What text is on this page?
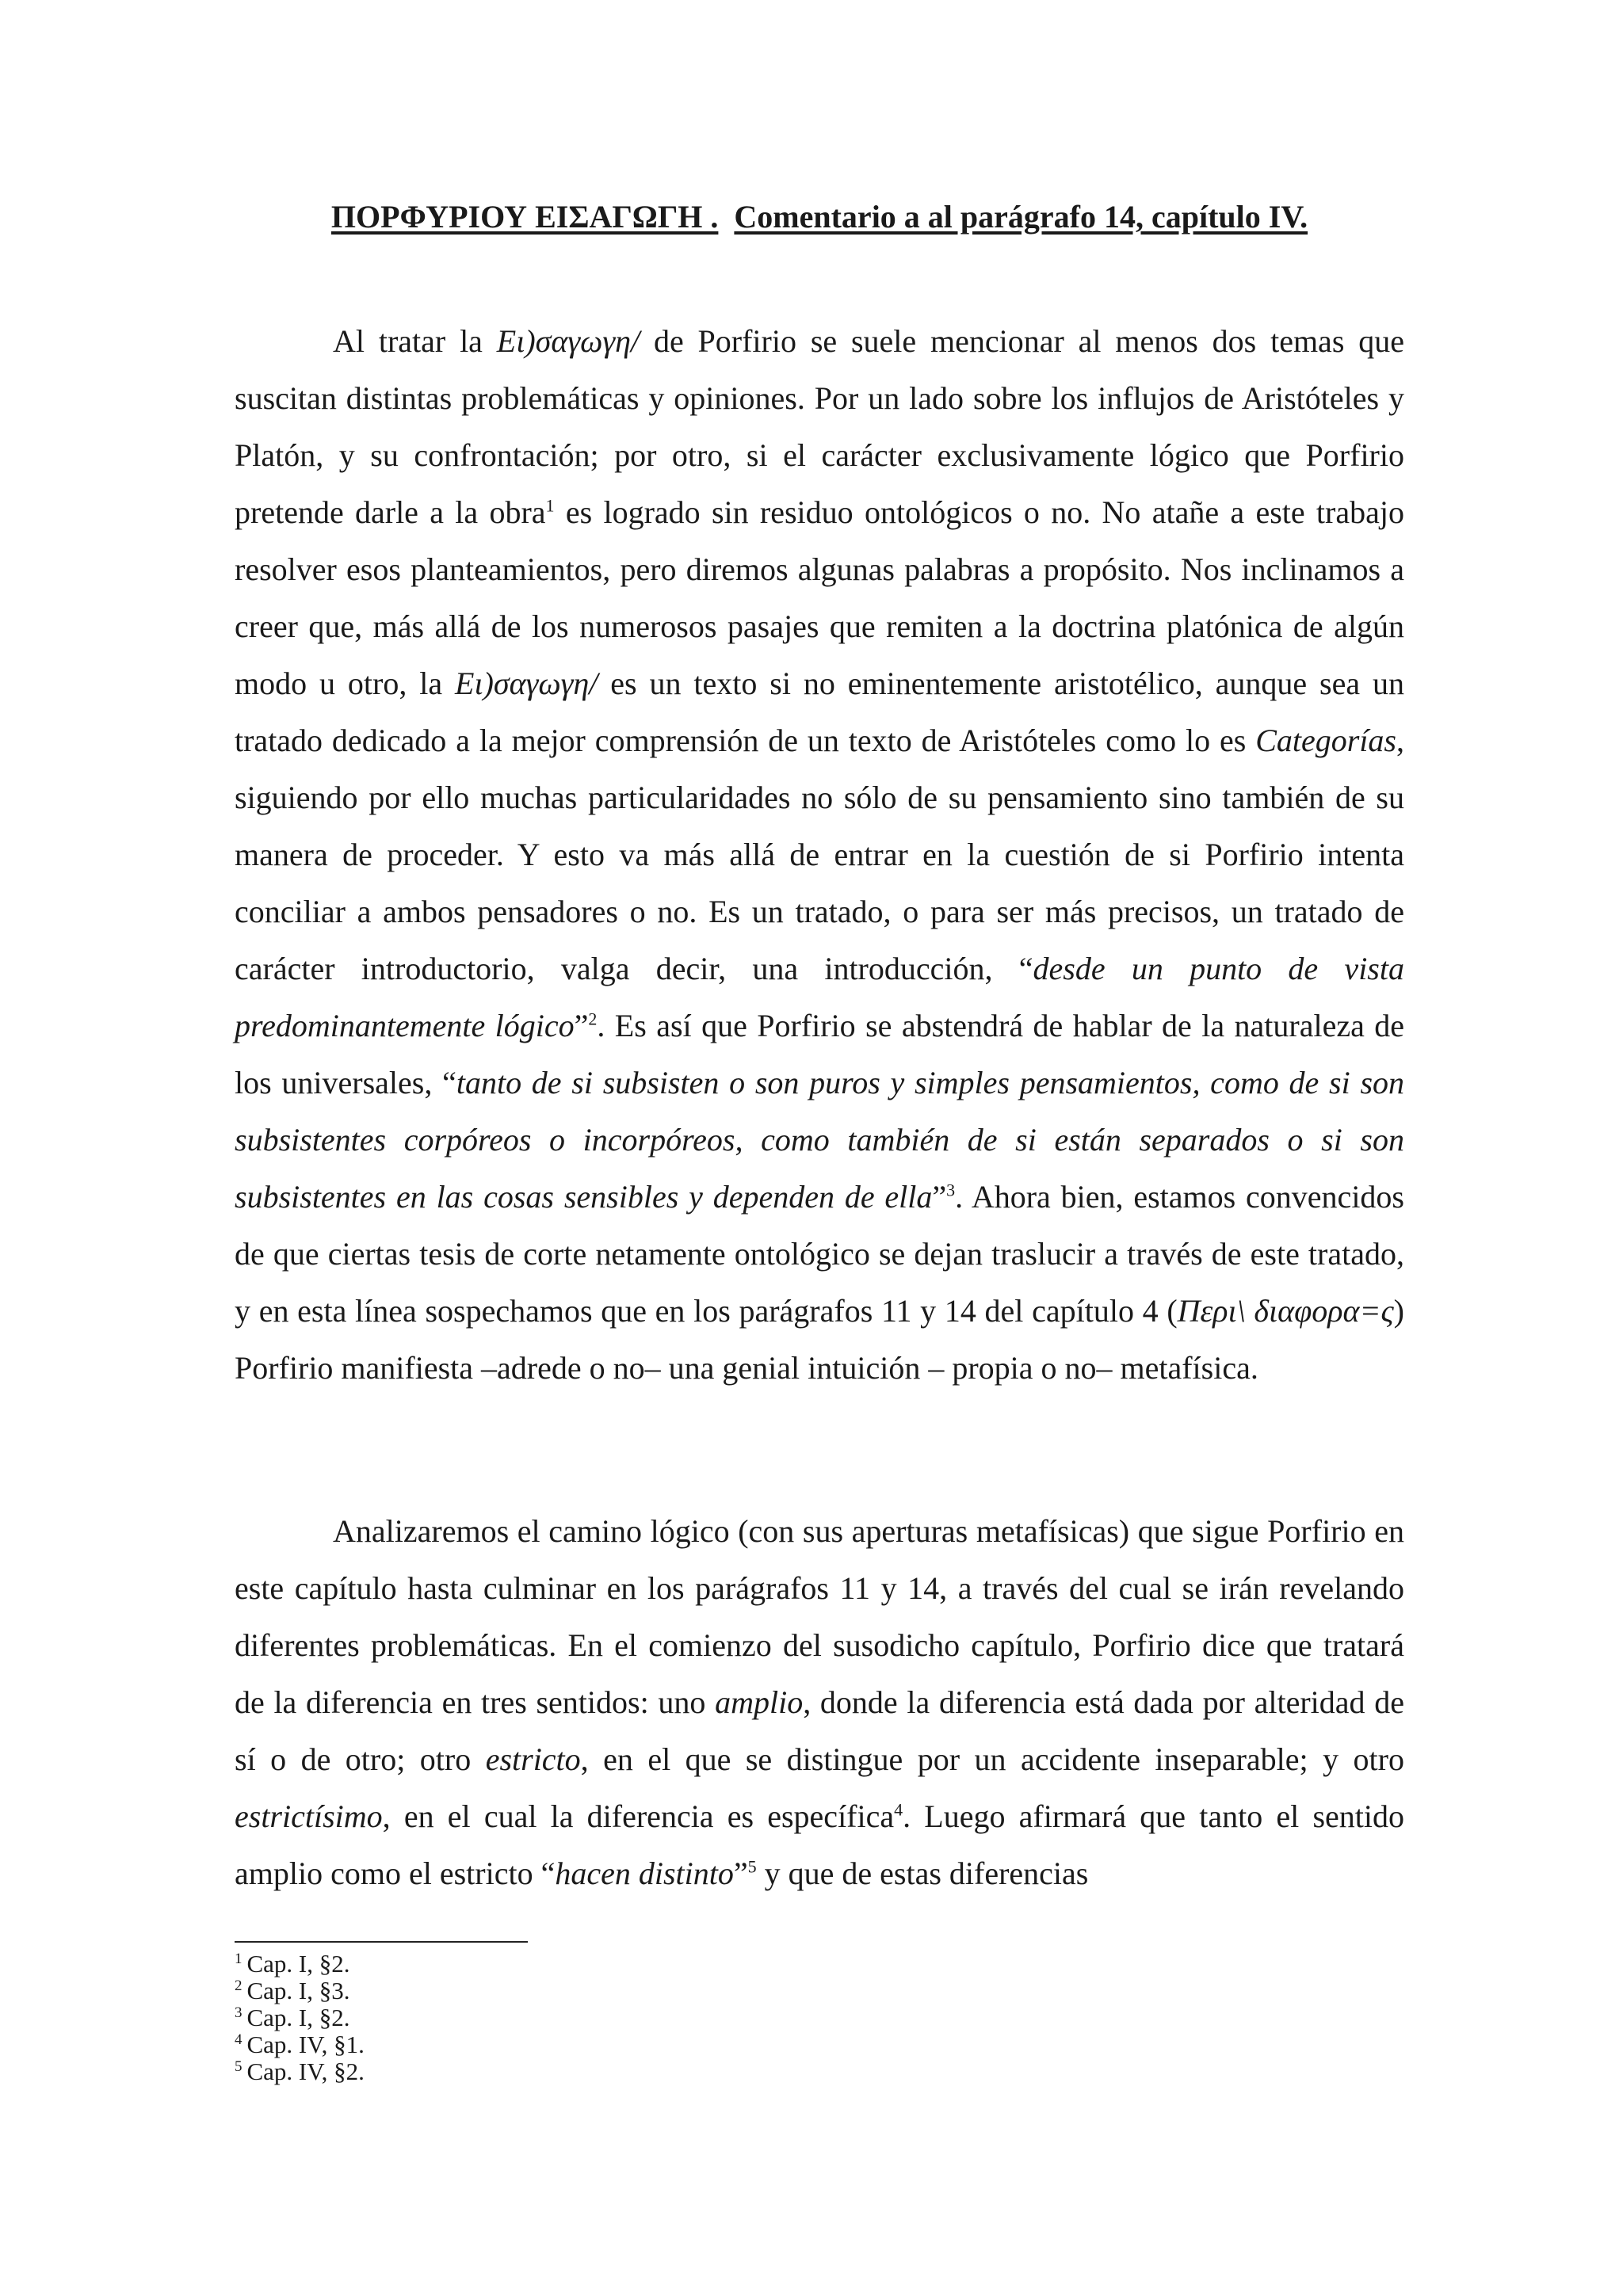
ΠΟΡΦΥΡΙΟΥ ΕΙΣΑΓΩΓΗ . Comentario a al parágrafo 14, capítulo IV.

Al tratar la Ει)σαγωγη/ de Porfirio se suele mencionar al menos dos temas que suscitan distintas problemáticas y opiniones. Por un lado sobre los influjos de Aristóteles y Platón, y su confrontación; por otro, si el carácter exclusivamente lógico que Porfirio pretende darle a la obra$^1$ es logrado sin residuo ontológicos o no. No atañe a este trabajo resolver esos planteamientos, pero diremos algunas palabras a propósito. Nos inclinamos a creer que, más allá de los numerosos pasajes que remiten a la doctrina platónica de algún modo u otro, la Ει)σαγωγη/ es un texto si no eminentemente aristotélico, aunque sea un tratado dedicado a la mejor comprensión de un texto de Aristóteles como lo es Categorías, siguiendo por ello muchas particularidades no sólo de su pensamiento sino también de su manera de proceder. Y esto va más allá de entrar en la cuestión de si Porfirio intenta conciliar a ambos pensadores o no. Es un tratado, o para ser más precisos, un tratado de carácter introductorio, valga decir, una introducción, “desde un punto de vista predominantemente lógico”$^2$. Es así que Porfirio se abstendrá de hablar de la naturaleza de los universales, “tanto de si subsisten o son puros y simples pensamientos, como de si son subsistentes corpóreos o incorpóreos, como también de si están separados o si son subsistentes en las cosas sensibles y dependen de ella”$^3$. Ahora bien, estamos convencidos de que ciertas tesis de corte netamente ontológico se dejan traslucir a través de este tratado, y en esta línea sospechamos que en los parágrafos 11 y 14 del capítulo 4 (Περι\ διαφορα=ς) Porfirio manifiesta –adrede o no– una genial intuición – propia o no– metafísica.

Analizaremos el camino lógico (con sus aperturas metafísicas) que sigue Porfirio en este capítulo hasta culminar en los parágrafos 11 y 14, a través del cual se irán revelando diferentes problemáticas. En el comienzo del susodicho capítulo, Porfirio dice que tratará de la diferencia en tres sentidos: uno amplio, donde la diferencia está dada por alteridad de sí o de otro; otro estricto, en el que se distingue por un accidente inseparable; y otro estrictísimo, en el cual la diferencia es específica$^4$. Luego afirmará que tanto el sentido amplio como el estricto “hacen distinto”$^5$ y que de estas diferencias

$^1$ Cap. I, §2.
$^2$ Cap. I, §3.
$^3$ Cap. I, §2.
$^4$ Cap. IV, §1.
$^5$ Cap. IV, §2.
